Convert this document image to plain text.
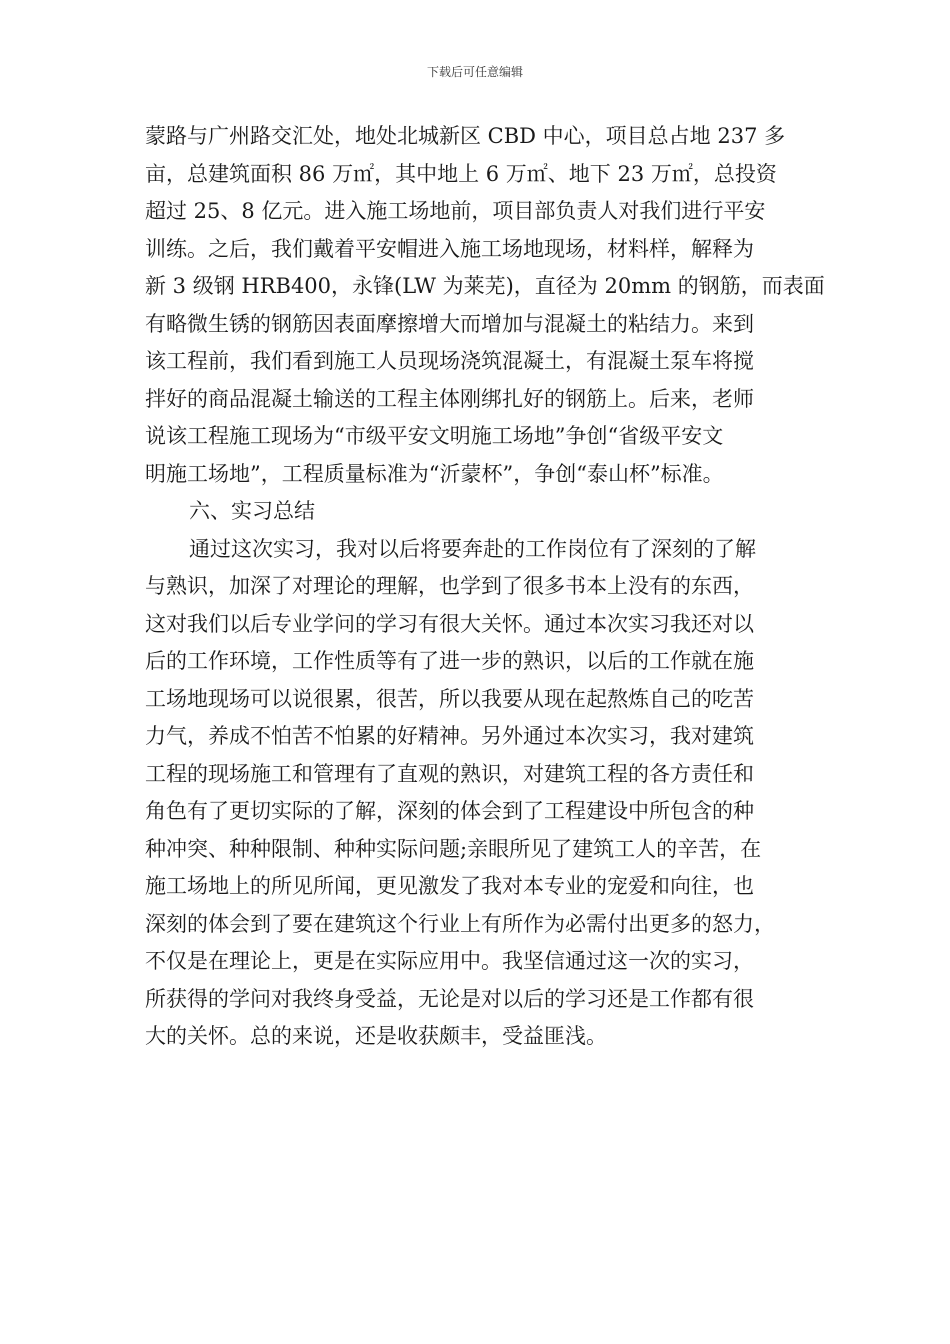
下载后可任意编辑
蒙路与广州路交汇处，地处北城新区 CBD 中心，项目总占地 237 多
亩，总建筑面积 86 万㎡，其中地上 6 万㎡、地下 23 万㎡，总投资
超过 25、8 亿元。进入施工场地前，项目部负责人对我们进行平安
训练。之后，我们戴着平安帽进入施工场地现场，材料样，解释为
新 3 级钢 HRB400，永锋(LW 为莱芜)，直径为 20mm 的钢筋，而表面
有略微生锈的钢筋因表面摩擦增大而增加与混凝土的粘结力。来到
该工程前，我们看到施工人员现场浇筑混凝土，有混凝土泵车将搅
拌好的商品混凝土输送的工程主体刚绑扎好的钢筋上。后来，老师
说该工程施工现场为“市级平安文明施工场地”争创“省级平安文
明施工场地”，工程质量标准为“沂蒙杯”，争创“泰山杯”标准。
六、实习总结
通过这次实习，我对以后将要奔赴的工作岗位有了深刻的了解
与熟识，加深了对理论的理解，也学到了很多书本上没有的东西，
这对我们以后专业学问的学习有很大关怀。通过本次实习我还对以
后的工作环境，工作性质等有了进一步的熟识，以后的工作就在施
工场地现场可以说很累，很苦，所以我要从现在起熬炼自己的吃苦
力气，养成不怕苦不怕累的好精神。另外通过本次实习，我对建筑
工程的现场施工和管理有了直观的熟识，对建筑工程的各方责任和
角色有了更切实际的了解，深刻的体会到了工程建设中所包含的种
种冲突、种种限制、种种实际问题;亲眼所见了建筑工人的辛苦，在
施工场地上的所见所闻，更见激发了我对本专业的宠爱和向往，也
深刻的体会到了要在建筑这个行业上有所作为必需付出更多的怒力，
不仅是在理论上，更是在实际应用中。我坚信通过这一次的实习，
所获得的学问对我终身受益，无论是对以后的学习还是工作都有很
大的关怀。总的来说，还是收获颇丰，受益匪浅。
